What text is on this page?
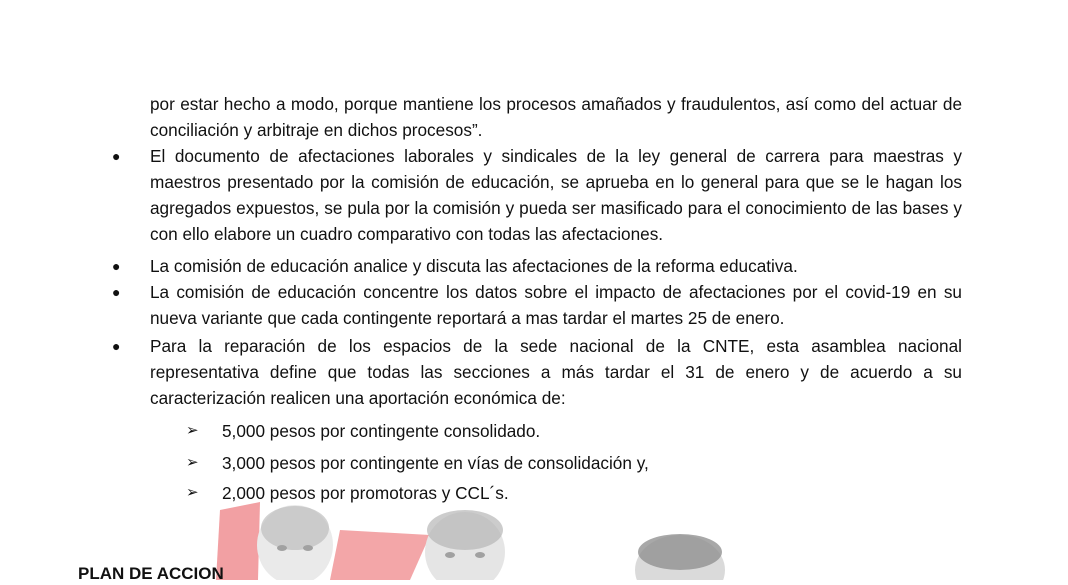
por estar hecho a modo, porque mantiene los procesos amañados y fraudulentos, así como del actuar de conciliación y arbitraje en dichos procesos”.
● El documento de afectaciones laborales y sindicales de la ley general de carrera para maestras y maestros presentado por la comisión de educación, se aprueba en lo general para que se le hagan los agregados expuestos, se pula por la comisión y pueda ser masificado para el conocimiento de las bases y con ello elabore un cuadro comparativo con todas las afectaciones.
● La comisión de educación analice y discuta las afectaciones de la reforma educativa.
● La comisión de educación concentre los datos sobre el impacto de afectaciones por el covid-19 en su nueva variante que cada contingente reportará a mas tardar el martes 25 de enero.
● Para la reparación de los espacios de la sede nacional de la CNTE, esta asamblea nacional representativa define que todas las secciones a más tardar el 31 de enero y de acuerdo a su caracterización realicen una aportación económica de:
➢ 5,000 pesos por contingente consolidado.
➢ 3,000 pesos por contingente en vías de consolidación y,
➢ 2,000 pesos por promotoras y CCL´s.
PLAN DE ACCION
